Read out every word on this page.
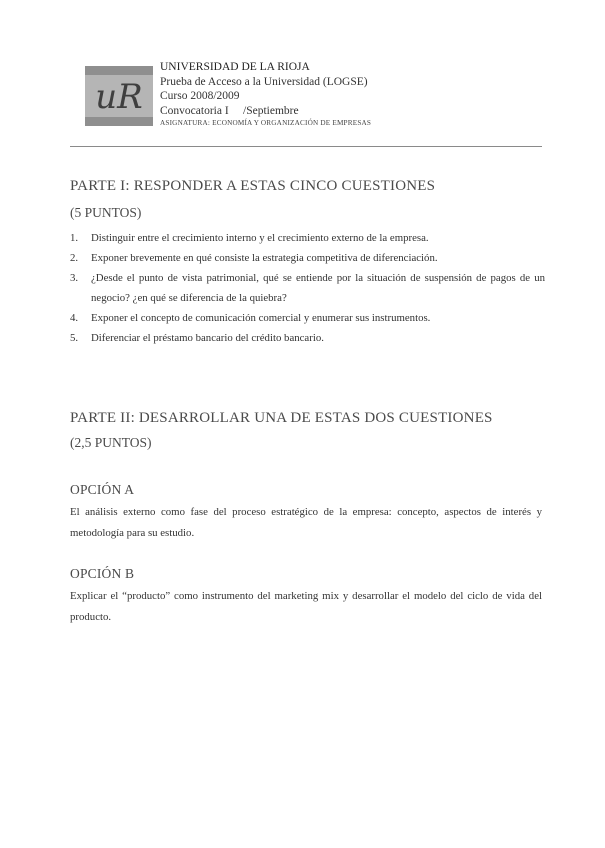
uR
UNIVERSIDAD DE LA RIOJA
Prueba de Acceso a la Universidad (LOGSE)
Curso 2008/2009
Convocatoria I     /Septiembre
ASIGNATURA: ECONOMÍA Y ORGANIZACIÓN DE EMPRESAS
PARTE I: RESPONDER A ESTAS CINCO CUESTIONES
(5 PUNTOS)
1.	Distinguir entre el crecimiento interno y el crecimiento externo de la empresa.
2.	Exponer brevemente en qué consiste la estrategia competitiva de diferenciación.
3.	¿Desde el punto de vista patrimonial, qué se entiende por la situación de suspensión de pagos de un negocio? ¿en qué se diferencia de la quiebra?
4.	Exponer el concepto de comunicación comercial y enumerar sus instrumentos.
5.	Diferenciar el préstamo bancario del crédito bancario.
PARTE II: DESARROLLAR UNA DE ESTAS DOS CUESTIONES
(2,5 PUNTOS)
OPCIÓN A
El análisis externo como fase del proceso estratégico de la empresa: concepto, aspectos de interés y metodología para su estudio.
OPCIÓN B
Explicar el “producto” como instrumento del marketing mix y desarrollar el modelo del ciclo de vida del producto.
